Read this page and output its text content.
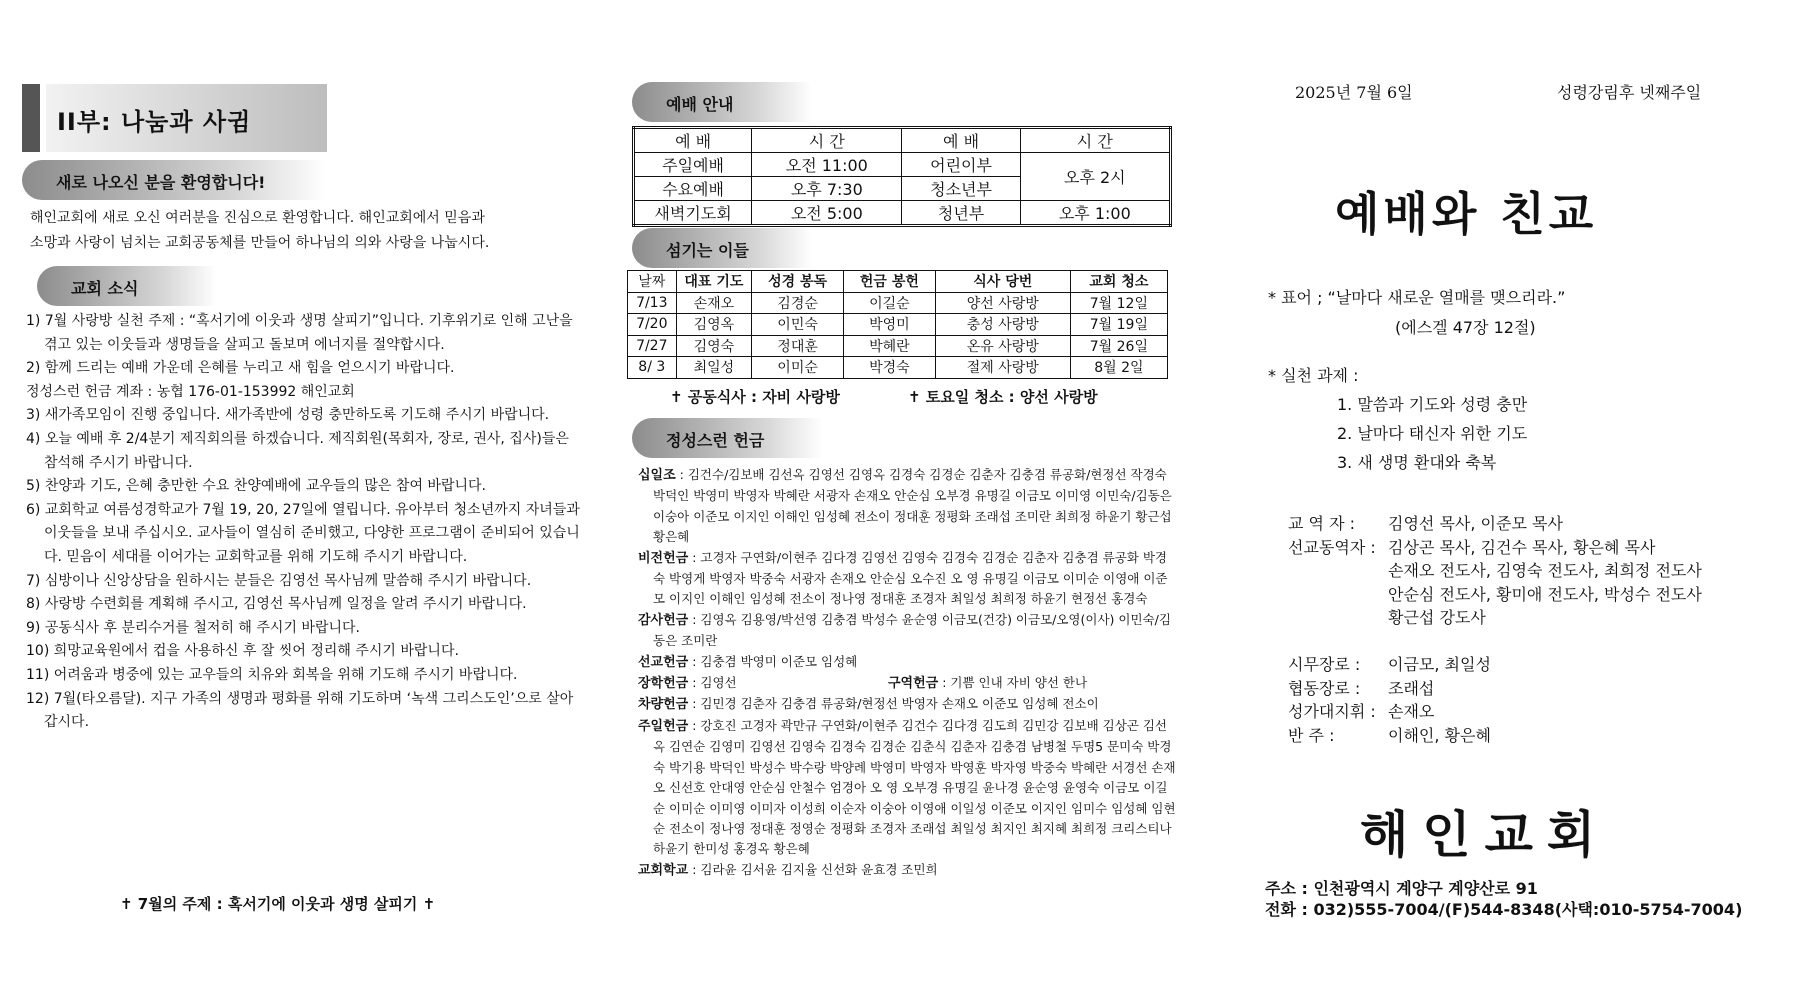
II부: 나눔과 사귐
새로 나오신 분을 환영합니다!
해인교회에 새로 오신 여러분을 진심으로 환영합니다. 해인교회에서 믿음과
소망과 사랑이 넘치는 교회공동체를 만들어 하나님의 의와 사랑을 나눕시다.
교회 소식
1) 7월 사랑방 실천 주제 : “혹서기에 이웃과 생명 살피기”입니다. 기후위기로 인해 고난을 겪고 있는 이웃들과 생명들을 살피고 돌보며 에너지를 절약합시다.
2) 함께 드리는 예배 가운데 은혜를 누리고 새 힘을 얻으시기 바랍니다.
정성스런 헌금 계좌 : 농협 176-01-153992 해인교회
3) 새가족모임이 진행 중입니다. 새가족반에 성령 충만하도록 기도해 주시기 바랍니다.
4) 오늘 예배 후 2/4분기 제직회의를 하겠습니다. 제직회원(목회자, 장로, 권사, 집사)들은 참석해 주시기 바랍니다.
5) 찬양과 기도, 은혜 충만한 수요 찬양예배에 교우들의 많은 참여 바랍니다.
6) 교회학교 여름성경학교가 7월 19, 20, 27일에 열립니다. 유아부터 청소년까지 자녀들과 이웃들을 보내 주십시오. 교사들이 열심히 준비했고, 다양한 프로그램이 준비되어 있습니다. 믿음이 세대를 이어가는 교회학교를 위해 기도해 주시기 바랍니다.
7) 심방이나 신앙상담을 원하시는 분들은 김영선 목사님께 말씀해 주시기 바랍니다.
8) 사랑방 수련회를 계획해 주시고, 김영선 목사님께 일정을 알려 주시기 바랍니다.
9) 공동식사 후 분리수거를 철저히 해 주시기 바랍니다.
10) 희망교육원에서 컵을 사용하신 후 잘 씻어 정리해 주시기 바랍니다.
11) 어려움과 병중에 있는 교우들의 치유와 회복을 위해 기도해 주시기 바랍니다.
12) 7월(타오름달). 지구 가족의 생명과 평화를 위해 기도하며 ‘녹색 그리스도인’으로 살아갑시다.
✝ 7월의 주제 : 혹서기에 이웃과 생명 살피기 ✝
예배 안내
예 배	시 간	예 배	시 간
주일예배	오전 11:00	어린이부	오후 2시
수요예배	오후 7:30	청소년부	
새벽기도회	오전 5:00	청년부	오후 1:00
섬기는 이들
날짜	대표 기도	성경 봉독	헌금 봉헌	식사 당번	교회 청소
7/13	손재오	김경순	이길순	양선 사랑방	7월 12일
7/20	김영옥	이민숙	박영미	충성 사랑방	7월 19일
7/27	김영숙	정대훈	박혜란	온유 사랑방	7월 26일
8/ 3	최일성	이미순	박경숙	절제 사랑방	8월 2일
✝ 공동식사 : 자비 사랑방	✝ 토요일 청소 : 양선 사랑방
정성스런 헌금
십일조 : 김건수/김보배 김선옥 김영선 김영옥 김경숙 김경순 김춘자 김충겸 류공화/현정선 작경숙 박덕인 박영미 박영자 박혜란 서광자 손재오 안순심 오부경 유명길 이금모 이미영 이민숙/김동은 이숭아 이준모 이지인 이해인 임성혜 전소이 정대훈 정평화 조래섭 조미란 최희정 하윤기 황근섭 황은혜
비전헌금 : 고경자 구연화/이현주 김다경 김영선 김영숙 김경숙 김경순 김춘자 김충겸 류공화 박경숙 박영게 박영자 박중숙 서광자 손재오 안순심 오수진 오 영 유명길 이금모 이미순 이영애 이준모 이지인 이해인 임성혜 전소이 정나영 정대훈 조경자 최일성 최희정 하윤기 현정선 홍경숙
감사헌금 : 김영옥 김용영/박선영 김충겸 박성수 윤순영 이금모(건강) 이금모/오영(이사) 이민숙/김동은 조미란
선교헌금 : 김충겸 박영미 이준모 임성혜
장학헌금 : 김영선	구역헌금 : 기쁨 인내 자비 양선 한나
차량헌금 : 김민경 김춘자 김충겸 류공화/현정선 박영자 손재오 이준모 임성혜 전소이
주일헌금 : 강호진 고경자 곽만규 구연화/이현주 김건수 김다경 김도희 김민강 김보배 김상곤 김선옥 김연순 김영미 김영선 김영숙 김경숙 김경순 김춘식 김춘자 김충겸 남병철 두명5 문미숙 박경숙 박기용 박덕인 박성수 박수랑 박양례 박영미 박영자 박영훈 박자영 박중숙 박혜란 서경선 손재오 신선호 안대영 안순심 안철수 엄경아 오 영 오부경 유명길 윤나경 윤순영 윤영숙 이금모 이길순 이미순 이미영 이미자 이성희 이순자 이숭아 이영애 이일성 이준모 이지인 임미수 임성혜 임현순 전소이 정나영 정대훈 정영순 정평화 조경자 조래섭 최일성 최지인 최지혜 최희정 크리스티나 하윤기 한미성 홍경옥 황은혜
교회학교 : 김라윤 김서윤 김지율 신선화 윤효경 조민희
2025년 7월 6일	성령강림후 넷째주일
예배와 친교
* 표어 ; “날마다 새로운 열매를 맺으리라.”
(에스겔 47장 12절)
* 실천 과제 :
1. 말씀과 기도와 성령 충만
2. 날마다 태신자 위한 기도
3. 새 생명 환대와 축복
교 역 자 :	김영선 목사, 이준모 목사
선교동역자 : 김상곤 목사, 김건수 목사, 황은혜 목사
손재오 전도사, 김영숙 전도사, 최희정 전도사
안순심 전도사, 황미애 전도사, 박성수 전도사
황근섭 강도사
시무장로 :	이금모, 최일성
협동장로 :	조래섭
성가대지휘 : 손재오
반 주 :	이해인, 황은혜
해인교회
주소 : 인천광역시 계양구 계양산로 91
전화 : 032)555-7004/(F)544-8348(사택:010-5754-7004)
